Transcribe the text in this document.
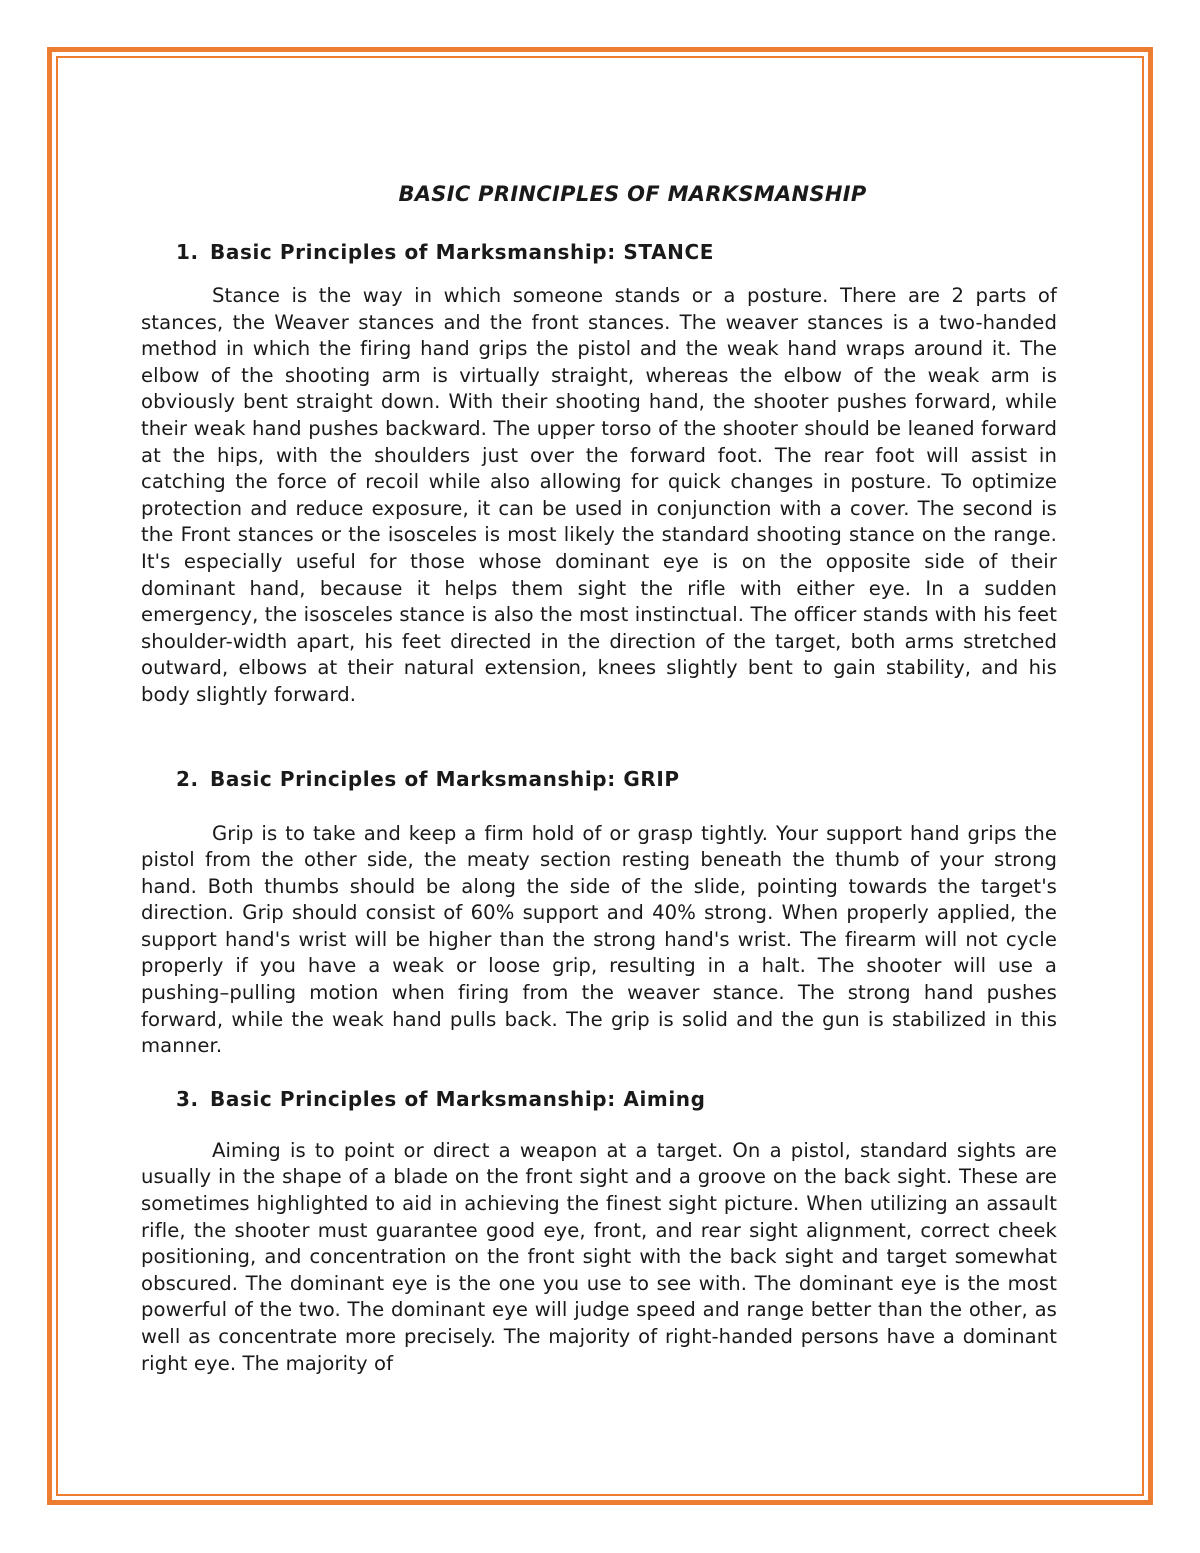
BASIC PRINCIPLES OF MARKSMANSHIP
1. Basic Principles of Marksmanship: STANCE

Stance is the way in which someone stands or a posture. There are 2 parts of stances, the Weaver stances and the front stances. The weaver stances is a two-handed method in which the firing hand grips the pistol and the weak hand wraps around it. The elbow of the shooting arm is virtually straight, whereas the elbow of the weak arm is obviously bent straight down. With their shooting hand, the shooter pushes forward, while their weak hand pushes backward. The upper torso of the shooter should be leaned forward at the hips, with the shoulders just over the forward foot. The rear foot will assist in catching the force of recoil while also allowing for quick changes in posture. To optimize protection and reduce exposure, it can be used in conjunction with a cover. The second is the Front stances or the isosceles is most likely the standard shooting stance on the range. It's especially useful for those whose dominant eye is on the opposite side of their dominant hand, because it helps them sight the rifle with either eye. In a sudden emergency, the isosceles stance is also the most instinctual. The officer stands with his feet shoulder-width apart, his feet directed in the direction of the target, both arms stretched outward, elbows at their natural extension, knees slightly bent to gain stability, and his body slightly forward.

2. Basic Principles of Marksmanship: GRIP

Grip is to take and keep a firm hold of or grasp tightly. Your support hand grips the pistol from the other side, the meaty section resting beneath the thumb of your strong hand. Both thumbs should be along the side of the slide, pointing towards the target's direction. Grip should consist of 60% support and 40% strong. When properly applied, the support hand's wrist will be higher than the strong hand's wrist. The firearm will not cycle properly if you have a weak or loose grip, resulting in a halt. The shooter will use a pushing–pulling motion when firing from the weaver stance. The strong hand pushes forward, while the weak hand pulls back. The grip is solid and the gun is stabilized in this manner.

3. Basic Principles of Marksmanship: Aiming

Aiming is to point or direct a weapon at a target. On a pistol, standard sights are usually in the shape of a blade on the front sight and a groove on the back sight. These are sometimes highlighted to aid in achieving the finest sight picture. When utilizing an assault rifle, the shooter must guarantee good eye, front, and rear sight alignment, correct cheek positioning, and concentration on the front sight with the back sight and target somewhat obscured. The dominant eye is the one you use to see with. The dominant eye is the most powerful of the two. The dominant eye will judge speed and range better than the other, as well as concentrate more precisely. The majority of right-handed persons have a dominant right eye. The majority of
